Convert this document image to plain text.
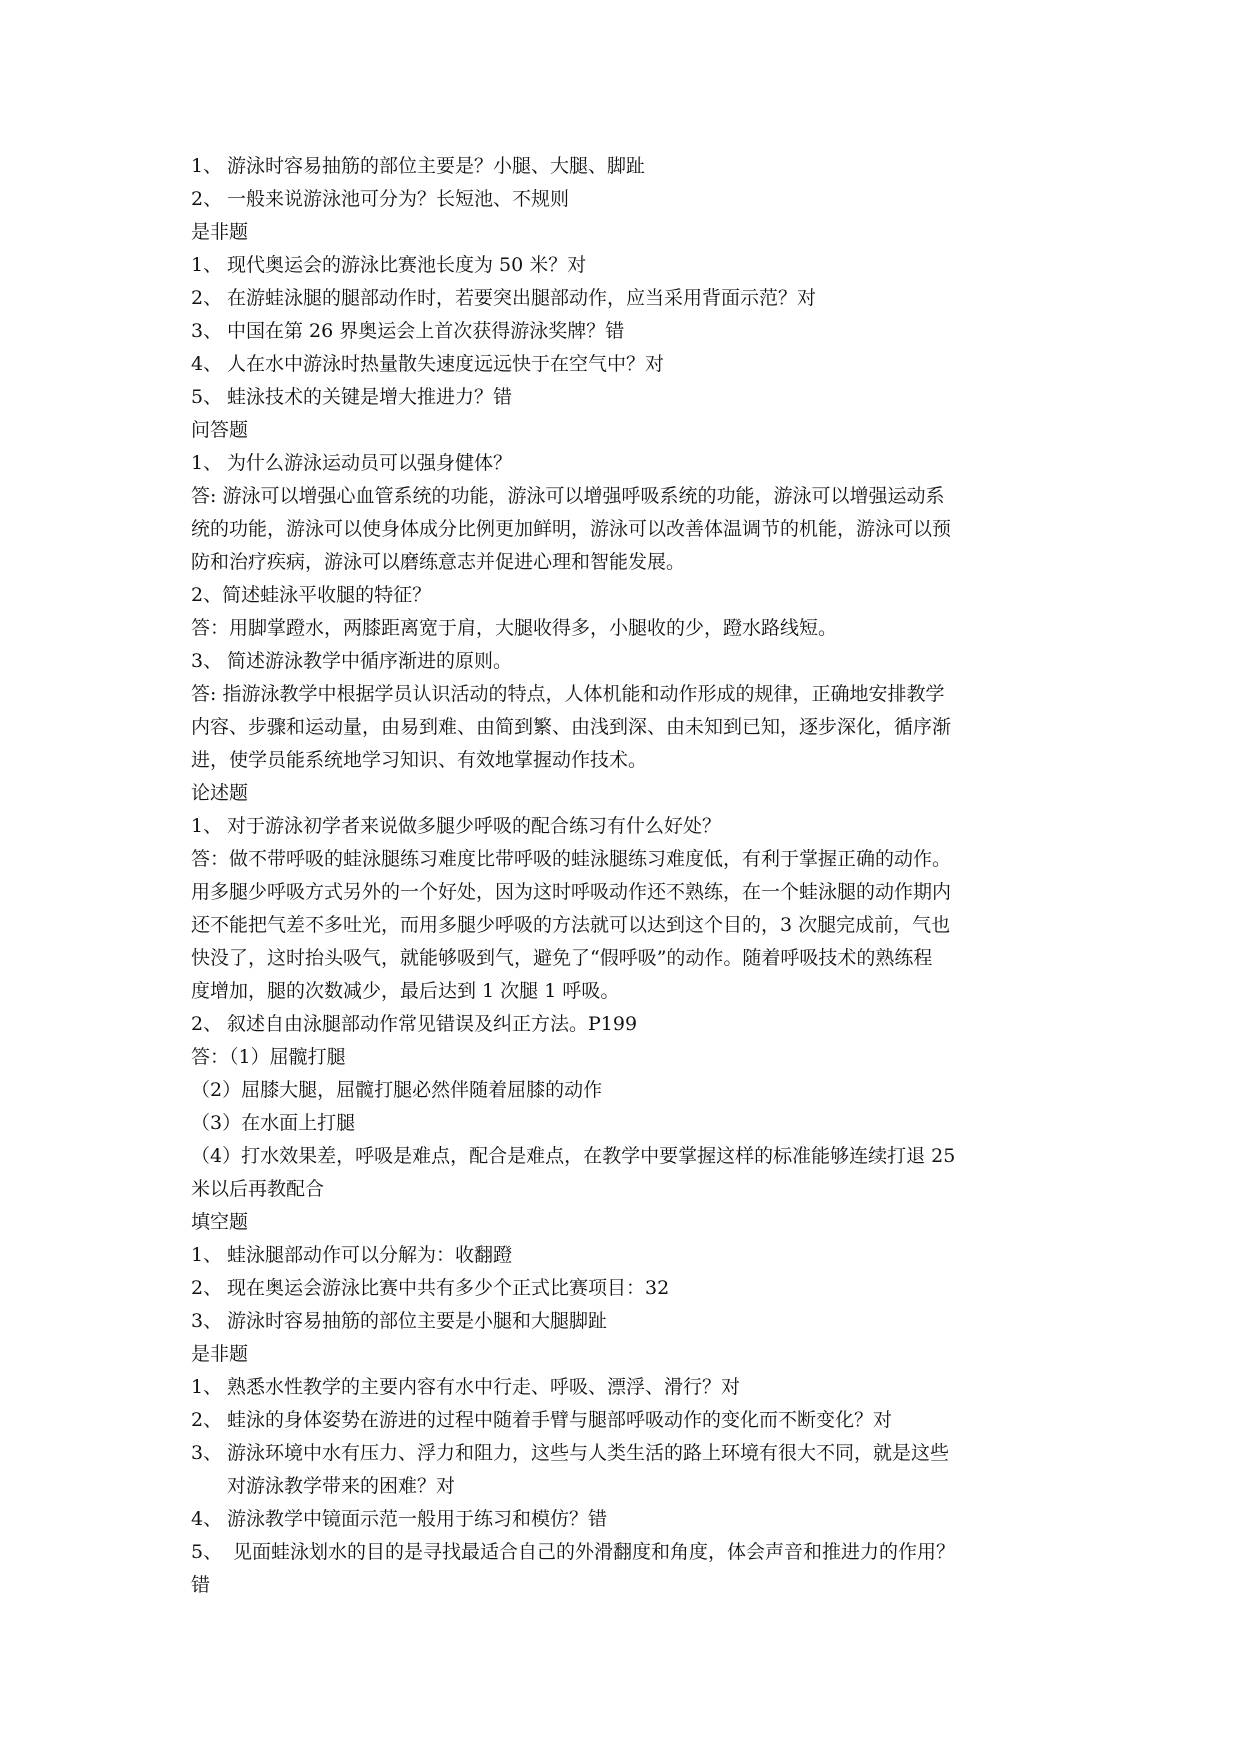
1、 游泳时容易抽筋的部位主要是？小腿、大腿、脚趾
2、 一般来说游泳池可分为？长短池、不规则
是非题
1、 现代奥运会的游泳比赛池长度为 50 米？对
2、 在游蛙泳腿的腿部动作时，若要突出腿部动作，应当采用背面示范？对
3、 中国在第 26 界奥运会上首次获得游泳奖牌？错
4、 人在水中游泳时热量散失速度远远快于在空气中？对
5、 蛙泳技术的关键是增大推进力？错
问答题
1、 为什么游泳运动员可以强身健体？
答: 游泳可以增强心血管系统的功能，游泳可以增强呼吸系统的功能，游泳可以增强运动系
统的功能，游泳可以使身体成分比例更加鲜明，游泳可以改善体温调节的机能，游泳可以预
防和治疗疾病，游泳可以磨练意志并促进心理和智能发展。
2、简述蛙泳平收腿的特征？
答：用脚掌蹬水，两膝距离宽于肩，大腿收得多，小腿收的少，蹬水路线短。
3、 简述游泳教学中循序渐进的原则。
答: 指游泳教学中根据学员认识活动的特点，人体机能和动作形成的规律，正确地安排教学
内容、步骤和运动量，由易到难、由简到繁、由浅到深、由未知到已知，逐步深化，循序渐
进，使学员能系统地学习知识、有效地掌握动作技术。
论述题
1、 对于游泳初学者来说做多腿少呼吸的配合练习有什么好处？
答：做不带呼吸的蛙泳腿练习难度比带呼吸的蛙泳腿练习难度低，有利于掌握正确的动作。
用多腿少呼吸方式另外的一个好处，因为这时呼吸动作还不熟练，在一个蛙泳腿的动作期内
还不能把气差不多吐光，而用多腿少呼吸的方法就可以达到这个目的，3 次腿完成前，气也
快没了，这时抬头吸气，就能够吸到气，避免了“假呼吸”的动作。随着呼吸技术的熟练程
度增加，腿的次数减少，最后达到 1 次腿 1 呼吸。
2、 叙述自由泳腿部动作常见错误及纠正方法。P199
答：（1）屈髋打腿
（2）屈膝大腿，屈髋打腿必然伴随着屈膝的动作
（3）在水面上打腿
（4）打水效果差，呼吸是难点，配合是难点，在教学中要掌握这样的标准能够连续打退 25
米以后再教配合
填空题
1、 蛙泳腿部动作可以分解为：收翻蹬
2、 现在奥运会游泳比赛中共有多少个正式比赛项目：32
3、 游泳时容易抽筋的部位主要是小腿和大腿脚趾
是非题
1、 熟悉水性教学的主要内容有水中行走、呼吸、漂浮、滑行？对
2、 蛙泳的身体姿势在游进的过程中随着手臂与腿部呼吸动作的变化而不断变化？对
3、 游泳环境中水有压力、浮力和阻力，这些与人类生活的路上环境有很大不同，就是这些
对游泳教学带来的困难？对
4、 游泳教学中镜面示范一般用于练习和模仿？错
5、 见面蛙泳划水的目的是寻找最适合自己的外滑翻度和角度，体会声音和推进力的作用？
错
